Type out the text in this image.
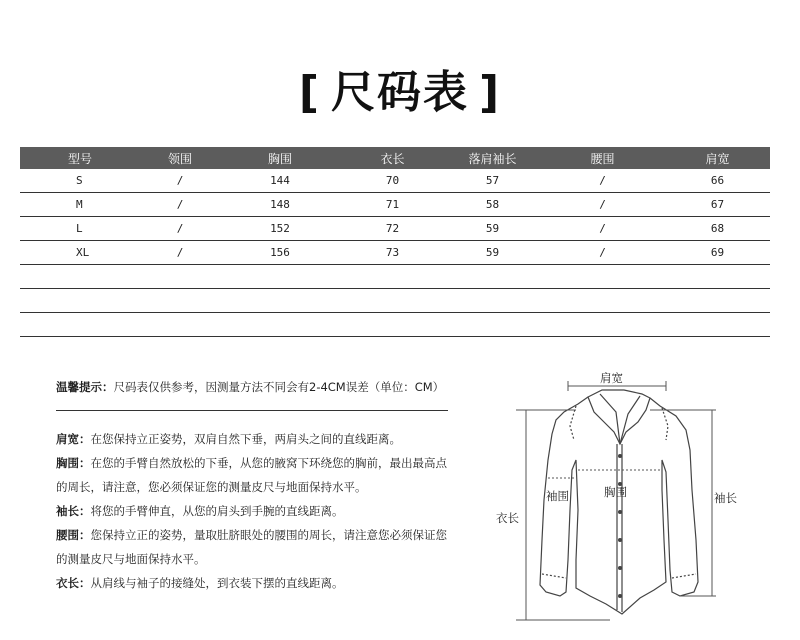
[ 尺码表 ]
型号	领围	胸围	衣长	落肩袖长	腰围	肩宽
S	/	144	70	57	/	66
M	/	148	71	58	/	67
L	/	152	72	59	/	68
XL	/	156	73	59	/	69

温馨提示：尺码表仅供参考，因测量方法不同会有2-4CM误差（单位：CM）

肩宽：在您保持立正姿势，双肩自然下垂，两肩头之间的直线距离。

胸围：在您的手臂自然放松的下垂，从您的腋窝下环绕您的胸前，最出最高点的周长，请注意，您必须保证您的测量皮尺与地面保持水平。

袖长：将您的手臂伸直，从您的肩头到手腕的直线距离。

腰围：您保持立正的姿势，量取肚脐眼处的腰围的周长，请注意您必须保证您的测量皮尺与地面保持水平。

衣长：从肩线与袖子的接缝处，到衣装下摆的直线距离。

肩宽
衣长
袖围	胸围	袖长
